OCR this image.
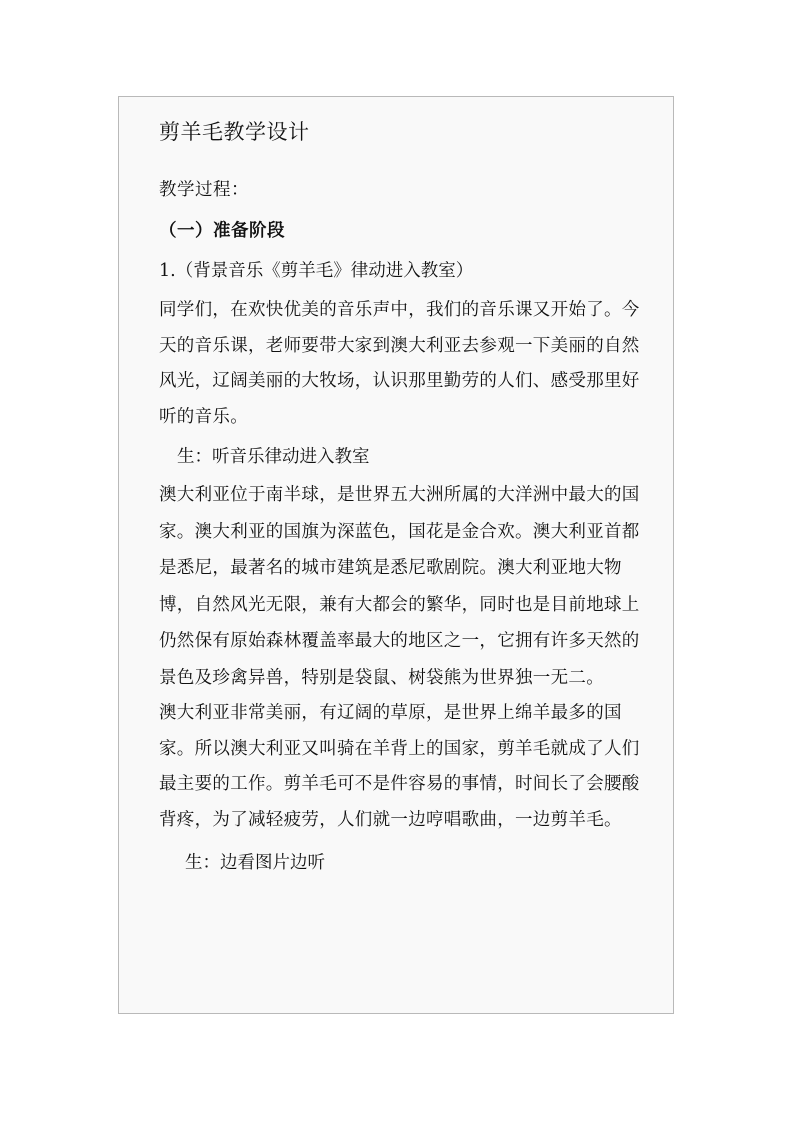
剪羊毛教学设计
教学过程：
（一）准备阶段
1.（背景音乐《剪羊毛》律动进入教室）

同学们，在欢快优美的音乐声中，我们的音乐课又开始了。今天的音乐课，老师要带大家到澳大利亚去参观一下美丽的自然风光，辽阔美丽的大牧场，认识那里勤劳的人们、感受那里好听的音乐。

生：听音乐律动进入教室

澳大利亚位于南半球，是世界五大洲所属的大洋洲中最大的国家。澳大利亚的国旗为深蓝色，国花是金合欢。澳大利亚首都是悉尼，最著名的城市建筑是悉尼歌剧院。澳大利亚地大物博，自然风光无限，兼有大都会的繁华，同时也是目前地球上仍然保有原始森林覆盖率最大的地区之一，它拥有许多天然的景色及珍禽异兽，特别是袋鼠、树袋熊为世界独一无二。

澳大利亚非常美丽，有辽阔的草原，是世界上绵羊最多的国家。所以澳大利亚又叫骑在羊背上的国家，剪羊毛就成了人们最主要的工作。剪羊毛可不是件容易的事情，时间长了会腰酸背疼，为了减轻疲劳，人们就一边哼唱歌曲，一边剪羊毛。

生：边看图片边听
